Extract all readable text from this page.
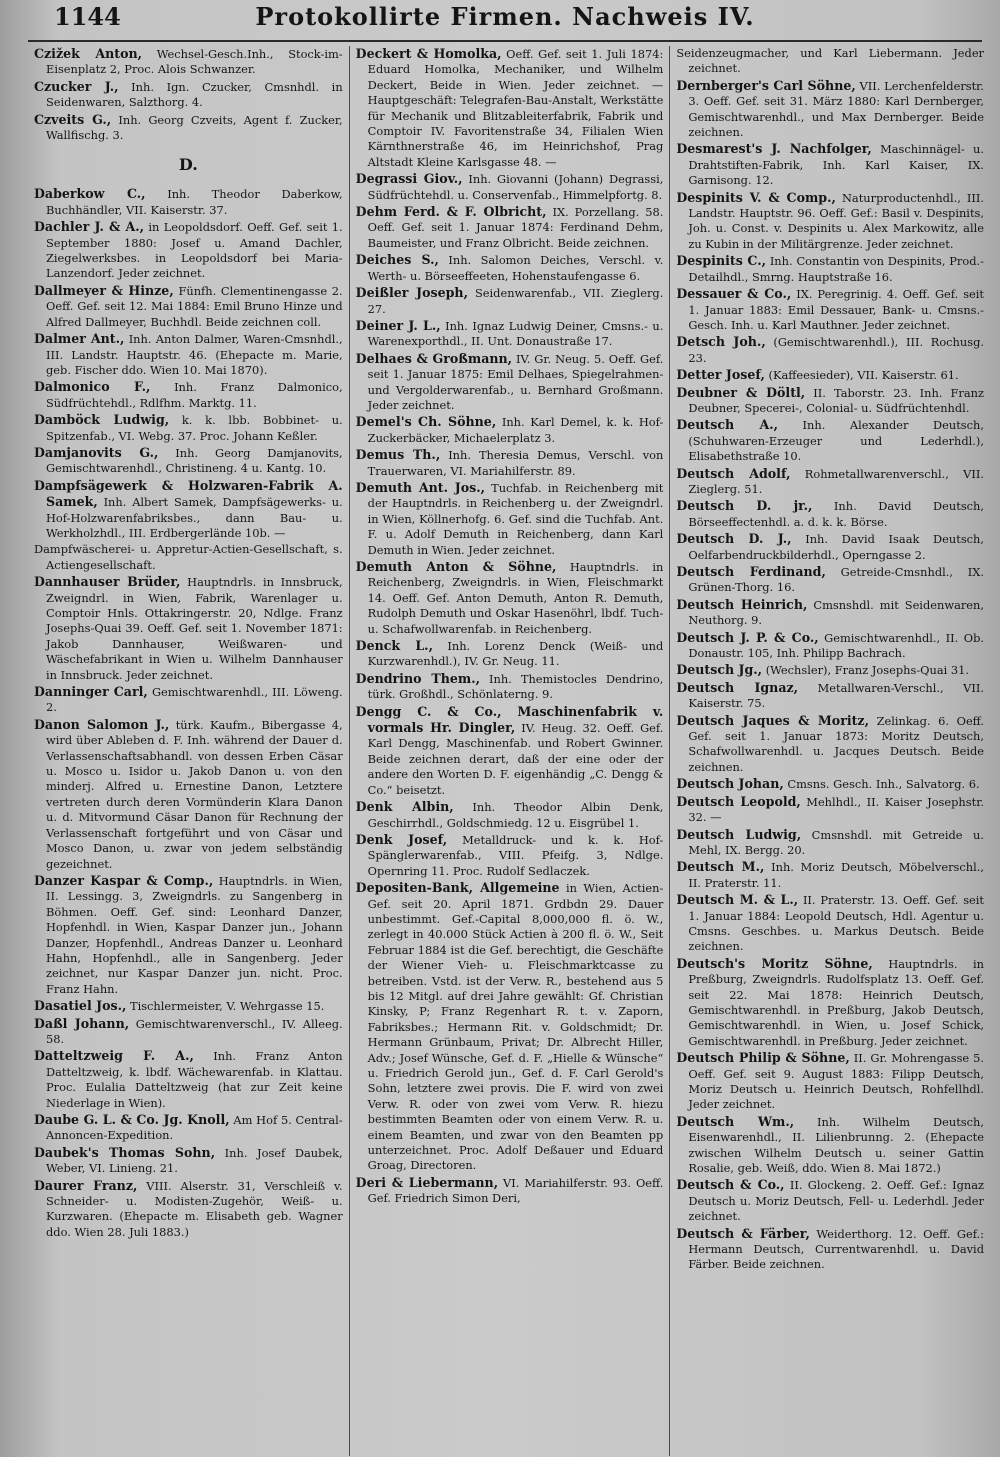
1144	Protokollirte Firmen. Nachweis IV.
Czižek Anton, Wechsel-Gesch.Inh., Stock-im-Eisenplatz 2, Proc. Alois Schwanzer.
Czucker J., Inh. Ign. Czucker, Cmsnhdl. in Seidenwaren, Salzthorg. 4.
Czveits G., Inh. Georg Czveits, Agent f. Zucker, Wallfischg. 3.
D.
Daberkow C., Inh. Theodor Daberkow, Buchhändler, VII. Kaiserstr. 37.
Dachler J. & A., in Leopoldsdorf. Oeff. Gef. seit 1. September 1880: Josef u. Amand Dachler, Ziegelwerksbes. in Leopoldsdorf bei Maria-Lanzendorf. Jeder zeichnet.
Dallmeyer & Hinze, Fünfh. Clementinengasse 2. Oeff. Gef. seit 12. Mai 1884: Emil Bruno Hinze und Alfred Dallmeyer, Buchhdl. Beide zeichnen coll.
Dalmer Ant., Inh. Anton Dalmer, Waren-Cmsnhdl., III. Landstr. Hauptstr. 46. (Ehepacte m. Marie, geb. Fischer ddo. Wien 10. Mai 1870).
Dalmonico F., Inh. Franz Dalmonico, Südfrüchtehdl., Rdlfhm. Marktg. 11.
Damböck Ludwig, k. k. lbb. Bobbinet- u. Spitzenfab., VI. Webg. 37. Proc. Johann Keßler.
Damjanovits G., Inh. Georg Damjanovits, Gemischtwarenhdl., Christineng. 4 u. Kantg. 10.
Dampfsägewerk & Holzwaren-Fabrik A. Samek, Inh. Albert Samek, Dampfsägewerks- u. Hof-Holzwarenfabriksbes., dann Bau- u. Werkholzhdl., III. Erdbergerlände 10b. —
Dampfwäscherei- u. Appretur-Actien-Gesellschaft, s. Actiengesellschaft.
Dannhauser Brüder, Hauptndrls. in Innsbruck, Zweigndrl. in Wien, Fabrik, Warenlager u. Comptoir Hnls. Ottakringerstr. 20, Ndlge. Franz Josephs-Quai 39. Oeff. Gef. seit 1. November 1871: Jakob Dannhauser, Weißwaren- und Wäschefabrikant in Wien u. Wilhelm Dannhauser in Innsbruck. Jeder zeichnet.
Danninger Carl, Gemischtwarenhdl., III. Löweng. 2.
Danon Salomon J., türk. Kaufm., Bibergasse 4, wird über Ableben d. F. Inh. während der Dauer d. Verlassenschaftsabhandl. von dessen Erben Cäsar u. Mosco u. Isidor u. Jakob Danon u. von den minderj. Alfred u. Ernestine Danon, Letztere vertreten durch deren Vormünderin Klara Danon u. d. Mitvormund Cäsar Danon für Rechnung der Verlassenschaft fortgeführt und von Cäsar und Mosco Danon, u. zwar von jedem selbständig gezeichnet.
Danzer Kaspar & Comp., Hauptndrls. in Wien, II. Lessingg. 3, Zweigndrls. zu Sangenberg in Böhmen. Oeff. Gef. sind: Leonhard Danzer, Hopfenhdl. in Wien, Kaspar Danzer jun., Johann Danzer, Hopfenhdl., Andreas Danzer u. Leonhard Hahn, Hopfenhdl., alle in Sangenberg. Jeder zeichnet, nur Kaspar Danzer jun. nicht. Proc. Franz Hahn.
Dasatiel Jos., Tischlermeister, V. Wehrgasse 15.
Daßl Johann, Gemischtwarenverschl., IV. Alleeg. 58.
Datteltzweig F. A., Inh. Franz Anton Datteltzweig, k. lbdf. Wächewarenfab. in Klattau. Proc. Eulalia Datteltzweig (hat zur Zeit keine Niederlage in Wien).
Daube G. L. & Co. Jg. Knoll, Am Hof 5. Central-Annoncen-Expedition.
Daubek's Thomas Sohn, Inh. Josef Daubek, Weber, VI. Linieng. 21.
Daurer Franz, VIII. Alserstr. 31, Verschleiß v. Schneider- u. Modisten-Zugehör, Weiß- u. Kurzwaren. (Ehepacte m. Elisabeth geb. Wagner ddo. Wien 28. Juli 1883.)
Deckert & Homolka, Oeff. Gef. seit 1. Juli 1874: Eduard Homolka, Mechaniker, und Wilhelm Deckert, Beide in Wien. Jeder zeichnet. — Hauptgeschäft: Telegrafen-Bau-Anstalt, Werkstätte für Mechanik und Blitzableiterfabrik, Fabrik und Comptoir IV. Favoritenstraße 34, Filialen Wien Kärnthnerstraße 46, im Heinrichshof, Prag Altstadt Kleine Karlsgasse 48. —
Degrassi Giov., Inh. Giovanni (Johann) Degrassi, Südfrüchtehdl. u. Conservenfab., Himmelpfortg. 8.
Dehm Ferd. & F. Olbricht, IX. Porzellang. 58. Oeff. Gef. seit 1. Januar 1874: Ferdinand Dehm, Baumeister, und Franz Olbricht. Beide zeichnen.
Deiches S., Inh. Salomon Deiches, Verschl. v. Werth- u. Börseeffeeten, Hohenstaufengasse 6.
Deißler Joseph, Seidenwarenfab., VII. Zieglerg. 27.
Deiner J. L., Inh. Ignaz Ludwig Deiner, Cmsns.- u. Warenexporthdl., II. Unt. Donaustraße 17.
Delhaes & Großmann, IV. Gr. Neug. 5. Oeff. Gef. seit 1. Januar 1875: Emil Delhaes, Spiegelrahmen- und Vergolderwarenfab., u. Bernhard Großmann. Jeder zeichnet.
Demel's Ch. Söhne, Inh. Karl Demel, k. k. Hof-Zuckerbäcker, Michaelerplatz 3.
Demus Th., Inh. Theresia Demus, Verschl. von Trauerwaren, VI. Mariahilferstr. 89.
Demuth Ant. Jos., Tuchfab. in Reichenberg mit der Hauptndrls. in Reichenberg u. der Zweigndrl. in Wien, Köllnerhofg. 6. Gef. sind die Tuchfab. Ant. F. u. Adolf Demuth in Reichenberg, dann Karl Demuth in Wien. Jeder zeichnet.
Demuth Anton & Söhne, Hauptndrls. in Reichenberg, Zweigndrls. in Wien, Fleischmarkt 14. Oeff. Gef. Anton Demuth, Anton R. Demuth, Rudolph Demuth und Oskar Hasenöhrl, lbdf. Tuch- u. Schafwollwarenfab. in Reichenberg.
Denck L., Inh. Lorenz Denck (Weiß- und Kurzwarenhdl.), IV. Gr. Neug. 11.
Dendrino Them., Inh. Themistocles Dendrino, türk. Großhdl., Schönlaterng. 9.
Dengg C. & Co., Maschinenfabrik v. vormals Hr. Dingler, IV. Heug. 32. Oeff. Gef. Karl Dengg, Maschinenfab. und Robert Gwinner. Beide zeichnen derart, daß der eine oder der andere den Worten D. F. eigenhändig „C. Dengg & Co.“ beisetzt.
Denk Albin, Inh. Theodor Albin Denk, Geschirrhdl., Goldschmiedg. 12 u. Eisgrübel 1.
Denk Josef, Metalldruck- und k. k. Hof-Spänglerwarenfab., VIII. Pfeifg. 3, Ndlge. Opernring 11. Proc. Rudolf Sedlaczek.
Depositen-Bank, Allgemeine in Wien, Actien-Gef. seit 20. April 1871. Grdbdn 29. Dauer unbestimmt. Gef.-Capital 8,000,000 fl. ö. W., zerlegt in 40.000 Stück Actien à 200 fl. ö. W., Seit Februar 1884 ist die Gef. berechtigt, die Geschäfte der Wiener Vieh- u. Fleischmarktcasse zu betreiben. Vstd. ist der Verw. R., bestehend aus 5 bis 12 Mitgl. auf drei Jahre gewählt: Gf. Christian Kinsky, P; Franz Regenhart R. t. v. Zaporn, Fabriksbes.; Hermann Rit. v. Goldschmidt; Dr. Hermann Grünbaum, Privat; Dr. Albrecht Hiller, Adv.; Josef Wünsche, Gef. d. F. „Hielle & Wünsche“ u. Friedrich Gerold jun., Gef. d. F. Carl Gerold's Sohn, letztere zwei provis. Die F. wird von zwei Verw. R. oder von zwei vom Verw. R. hiezu bestimmten Beamten oder von einem Verw. R. u. einem Beamten, und zwar von den Beamten pp unterzeichnet. Proc. Adolf Deßauer und Eduard Groag, Directoren.
Deri & Liebermann, VI. Mariahilferstr. 93. Oeff. Gef. Friedrich Simon Deri,
Seidenzeugmacher, und Karl Liebermann. Jeder zeichnet.
Dernberger's Carl Söhne, VII. Lerchenfelderstr. 3. Oeff. Gef. seit 31. März 1880: Karl Dernberger, Gemischtwarenhdl., und Max Dernberger. Beide zeichnen.
Desmarest's J. Nachfolger, Maschinnägel- u. Drahtstiften-Fabrik, Inh. Karl Kaiser, IX. Garnisong. 12.
Despinits V. & Comp., Naturproductenhdl., III. Landstr. Hauptstr. 96. Oeff. Gef.: Basil v. Despinits, Joh. u. Const. v. Despinits u. Alex Markowitz, alle zu Kubin in der Militärgrenze. Jeder zeichnet.
Despinits C., Inh. Constantin von Despinits, Prod.-Detailhdl., Smrng. Hauptstraße 16.
Dessauer & Co., IX. Peregrinig. 4. Oeff. Gef. seit 1. Januar 1883: Emil Dessauer, Bank- u. Cmsns.-Gesch. Inh. u. Karl Mauthner. Jeder zeichnet.
Detsch Joh., (Gemischtwarenhdl.), III. Rochusg. 23.
Detter Josef, (Kaffeesieder), VII. Kaiserstr. 61.
Deubner & Döltl, II. Taborstr. 23. Inh. Franz Deubner, Specerei-, Colonial- u. Südfrüchtenhdl.
Deutsch A., Inh. Alexander Deutsch, (Schuhwaren-Erzeuger und Lederhdl.), Elisabethstraße 10.
Deutsch Adolf, Rohmetallwarenverschl., VII. Zieglerg. 51.
Deutsch D. jr., Inh. David Deutsch, Börseeffectenhdl. a. d. k. k. Börse.
Deutsch D. J., Inh. David Isaak Deutsch, Oelfarbendruckbilderhdl., Operngasse 2.
Deutsch Ferdinand, Getreide-Cmsnhdl., IX. Grünen-Thorg. 16.
Deutsch Heinrich, Cmsnshdl. mit Seidenwaren, Neuthorg. 9.
Deutsch J. P. & Co., Gemischtwarenhdl., II. Ob. Donaustr. 105, Inh. Philipp Bachrach.
Deutsch Jg., (Wechsler), Franz Josephs-Quai 31.
Deutsch Ignaz, Metallwaren-Verschl., VII. Kaiserstr. 75.
Deutsch Jaques & Moritz, Zelinkag. 6. Oeff. Gef. seit 1. Januar 1873: Moritz Deutsch, Schafwollwarenhdl. u. Jacques Deutsch. Beide zeichnen.
Deutsch Johan, Cmsns. Gesch. Inh., Salvatorg. 6.
Deutsch Leopold, Mehlhdl., II. Kaiser Josephstr. 32. —
Deutsch Ludwig, Cmsnshdl. mit Getreide u. Mehl, IX. Bergg. 20.
Deutsch M., Inh. Moriz Deutsch, Möbelverschl., II. Praterstr. 11.
Deutsch M. & L., II. Praterstr. 13. Oeff. Gef. seit 1. Januar 1884: Leopold Deutsch, Hdl. Agentur u. Cmsns. Geschbes. u. Markus Deutsch. Beide zeichnen.
Deutsch's Moritz Söhne, Hauptndrls. in Preßburg, Zweigndrls. Rudolfsplatz 13. Oeff. Gef. seit 22. Mai 1878: Heinrich Deutsch, Gemischtwarenhdl. in Preßburg, Jakob Deutsch, Gemischtwarenhdl. in Wien, u. Josef Schick, Gemischtwarenhdl. in Preßburg. Jeder zeichnet.
Deutsch Philip & Söhne, II. Gr. Mohrengasse 5. Oeff. Gef. seit 9. August 1883: Filipp Deutsch, Moriz Deutsch u. Heinrich Deutsch, Rohfellhdl. Jeder zeichnet.
Deutsch Wm., Inh. Wilhelm Deutsch, Eisenwarenhdl., II. Lilienbrunng. 2. (Ehepacte zwischen Wilhelm Deutsch u. seiner Gattin Rosalie, geb. Weiß, ddo. Wien 8. Mai 1872.)
Deutsch & Co., II. Glockeng. 2. Oeff. Gef.: Ignaz Deutsch u. Moriz Deutsch, Fell- u. Lederhdl. Jeder zeichnet.
Deutsch & Färber, Weiderthorg. 12. Oeff. Gef.: Hermann Deutsch, Currentwarenhdl. u. David Färber. Beide zeichnen.
